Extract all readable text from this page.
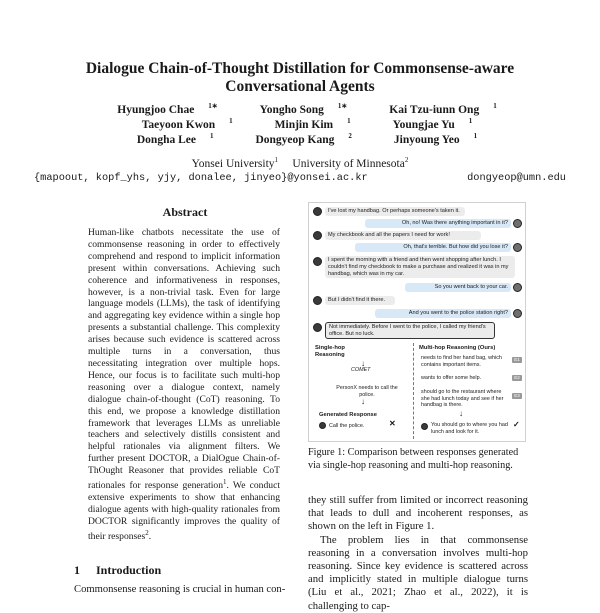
Dialogue Chain-of-Thought Distillation for Commonsense-aware
Conversational Agents
Hyungjoo Chae $^{1∗}$	Yongho Song $^{1∗}$	Kai Tzu-iunn Ong $^1$
Taeyoon Kwon $^1$	Minjin Kim $^1$	Youngjae Yu $^1$
Dongha Lee $^1$	Dongyeop Kang $^2$	Jinyoung Yeo $^1$
Yonsei University$^1$ University of Minnesota$^2$
{mapoout, kopf_yhs, yjy, donalee, jinyeo}@yonsei.ac.kr	dongyeop@umn.edu
Abstract
Human-like chatbots necessitate the use of commonsense reasoning in order to effectively comprehend and respond to implicit information present within conversations. Achieving such coherence and informativeness in responses, however, is a non-trivial task. Even for large language models (LLMs), the task of identifying and aggregating key evidence within a single hop presents a substantial challenge. This complexity arises because such evidence is scattered across multiple turns in a conversation, thus necessitating integration over multiple hops. Hence, our focus is to facilitate such multi-hop reasoning over a dialogue context, namely dialogue chain-of-thought (CoT) reasoning. To this end, we propose a knowledge distillation framework that leverages LLMs as unreliable teachers and selectively distills consistent and helpful rationales via alignment filters. We further present DOCTOR, a DialOgue Chain-of-ThOught Reasoner that provides reliable CoT rationales for response generation$^1$. We conduct extensive experiments to show that enhancing dialogue agents with high-quality rationales from DOCTOR significantly improves the quality of their responses$^2$.
1 Introduction
Commonsense reasoning is crucial in human con-
I've lost my handbag. Or perhaps someone's taken it.
Oh, no! Was there anything important in it?
My checkbook and all the papers I need for work!
Oh, that's terrible. But how did you lose it?
I spent the morning with a friend and then went shopping after lunch. I couldn't find my checkbook to make a purchase and realized it was in my handbag, which was in my car.
So you went back to your car.
But I didn't find it there.
And you went to the police station right?
Not immediately. Before I went to the police, I called my friend's office. But no luck.
Single-hop Reasoning
COMET
↓
PersonX needs to call the police.
↓
Generated Response
Call the police.	✕
Multi-hop Reasoning (Ours)
needs to find her hand bag, which contains important items.
E1
wants to offer some help.	E2
should go to the restaurant where she had lunch today and see if her handbag is there.
E3
↓
You should go to where you had lunch and look for it.
✓
Figure 1: Comparison between responses generated via single-hop reasoning and multi-hop reasoning.

they still suffer from limited or incorrect reasoning that leads to dull and incoherent responses, as shown on the left in Figure 1.

The problem lies in that commonsense reasoning in a conversation involves multi-hop reasoning. Since key evidence is scattered across and implicitly stated in multiple dialogue turns (Liu et al., 2021; Zhao et al., 2022), it is challenging to cap-
